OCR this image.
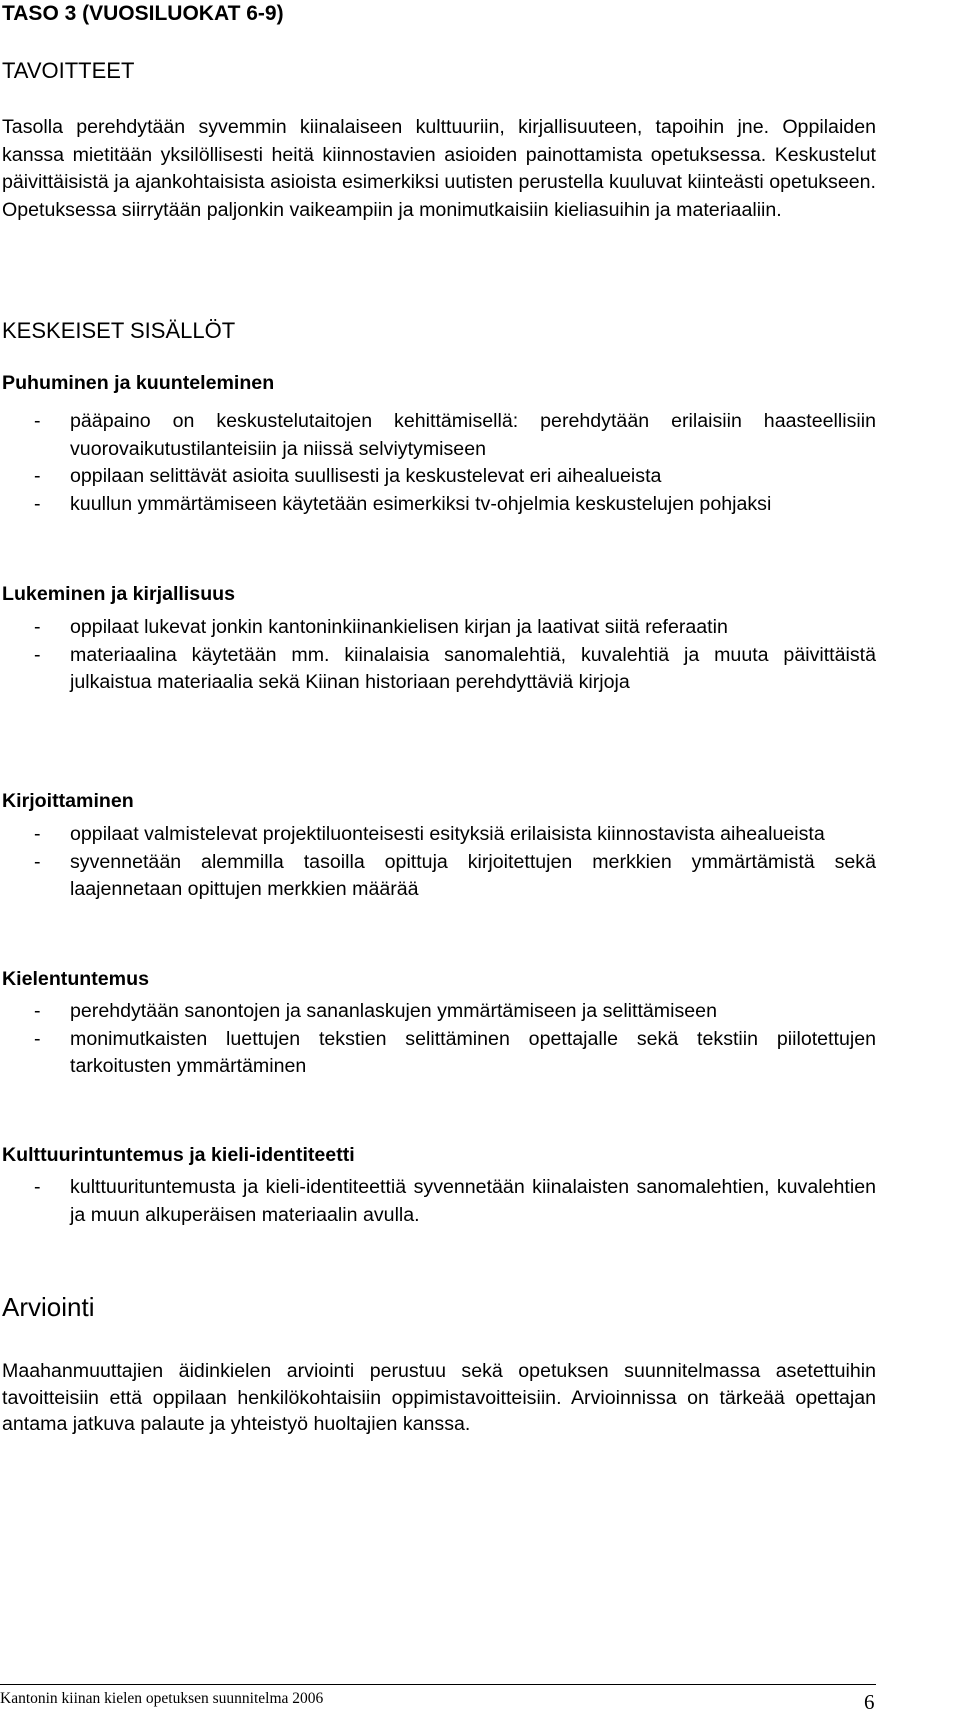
TASO 3 (VUOSILUOKAT 6-9)
TAVOITTEET

Tasolla perehdytään syvemmin kiinalaiseen kulttuuriin, kirjallisuuteen, tapoihin jne. Oppilaiden kanssa mietitään yksilöllisesti heitä kiinnostavien asioiden painottamista opetuksessa. Keskustelut päivittäisistä ja ajankohtaisista asioista esimerkiksi uutisten perustella kuuluvat kiinteästi opetukseen. Opetuksessa siirrytään paljonkin vaikeampiin ja monimutkaisiin kieliasuihin ja materiaaliin.

KESKEISET SISÄLLÖT
Puhuminen ja kuunteleminen
- pääpaino on keskustelutaitojen kehittämisellä: perehdytään erilaisiin haasteellisiin vuorovaikutustilanteisiin ja niissä selviytymiseen
- oppilaan selittävät asioita suullisesti ja keskustelevat eri aihealueista
- kuullun ymmärtämiseen käytetään esimerkiksi tv-ohjelmia keskustelujen pohjaksi
Lukeminen ja kirjallisuus
- oppilaat lukevat jonkin kantoninkiinankielisen kirjan ja laativat siitä referaatin
- materiaalina käytetään mm. kiinalaisia sanomalehtiä, kuvalehtiä ja muuta päivittäistä julkaistua materiaalia sekä Kiinan historiaan perehdyttäviä kirjoja
Kirjoittaminen
- oppilaat valmistelevat projektiluonteisesti esityksiä erilaisista kiinnostavista aihealueista
- syvennetään alemmilla tasoilla opittuja kirjoitettujen merkkien ymmärtämistä sekä laajennetaan opittujen merkkien määrää
Kielentuntemus
- perehdytään sanontojen ja sananlaskujen ymmärtämiseen ja selittämiseen
- monimutkaisten luettujen tekstien selittäminen opettajalle sekä tekstiin piilotettujen tarkoitusten ymmärtäminen
Kulttuurintuntemus ja kieli-identiteetti
- kulttuurituntemusta ja kieli-identiteettiä syvennetään kiinalaisten sanomalehtien, kuvalehtien ja muun alkuperäisen materiaalin avulla.
Arviointi

Maahanmuuttajien äidinkielen arviointi perustuu sekä opetuksen suunnitelmassa asetettuihin tavoitteisiin että oppilaan henkilökohtaisiin oppimistavoitteisiin. Arvioinnissa on tärkeää opettajan antama jatkuva palaute ja yhteistyö huoltajien kanssa.

Kantonin kiinan kielen opetuksen suunnitelma 2006	6
